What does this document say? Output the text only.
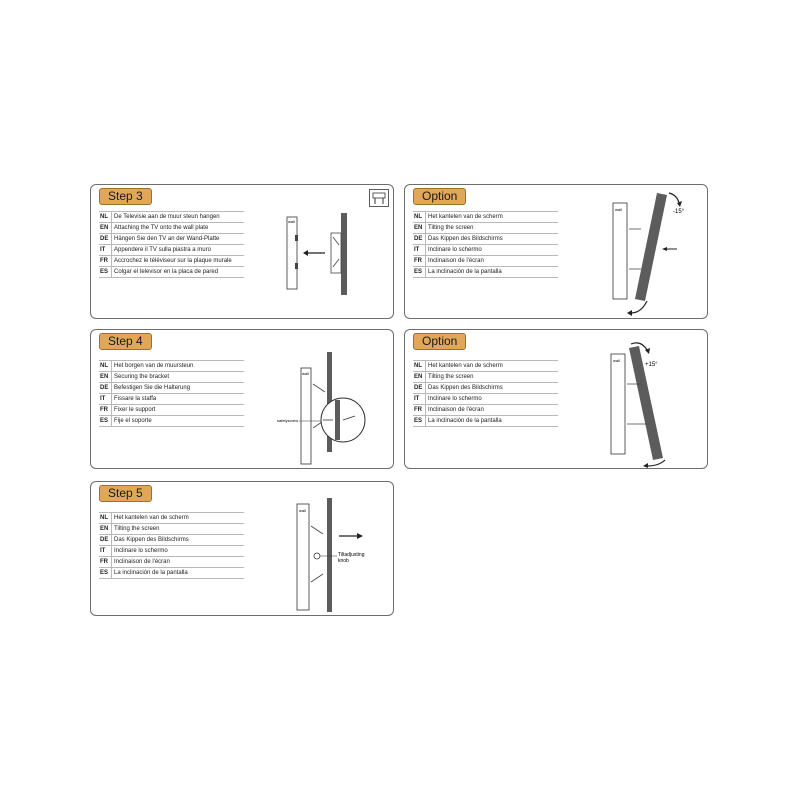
Step 3
NL	De Televisie aan de muur steun hangen
EN	Attaching the TV onto the wall plate
DE	Hängen Sie den TV an der Wand-Platte
IT	Appendere il TV sulla piastra a muro
FR	Accrochez le téléviseur sur la plaque murale
ES	Colgar el televisor en la placa de pared
wall
Option
NL	Het kantelen van de scherm
EN	Tilting the screen
DE	Das Kippen des Bildschirms
IT	Inclinare lo schermo
FR	Inclinaison de l'écran
ES	La inclinación de la pantalla
wall	-15°
Step 4
NL	Het borgen van de muursteun
EN	Securing the bracket
DE	Befestigen Sie die Halterung
IT	Fissare la staffa
FR	Fixer le support
ES	Fije el soporte
wall
safetyscrew
Option
NL	Het kantelen van de scherm
EN	Tilting the screen
DE	Das Kippen des Bildschirms
IT	Inclinare lo schermo
FR	Inclinaison de l'écran
ES	La inclinación de la pantalla
wall
+15°
Step 5
NL	Het kantelen van de scherm
EN	Tilting the screen
DE	Das Kippen des Bildschirms
IT	Inclinare lo schermo
FR	Inclinaison de l'écran
ES	La inclinación de la pantalla
wall
Tiltadjusting
knob
